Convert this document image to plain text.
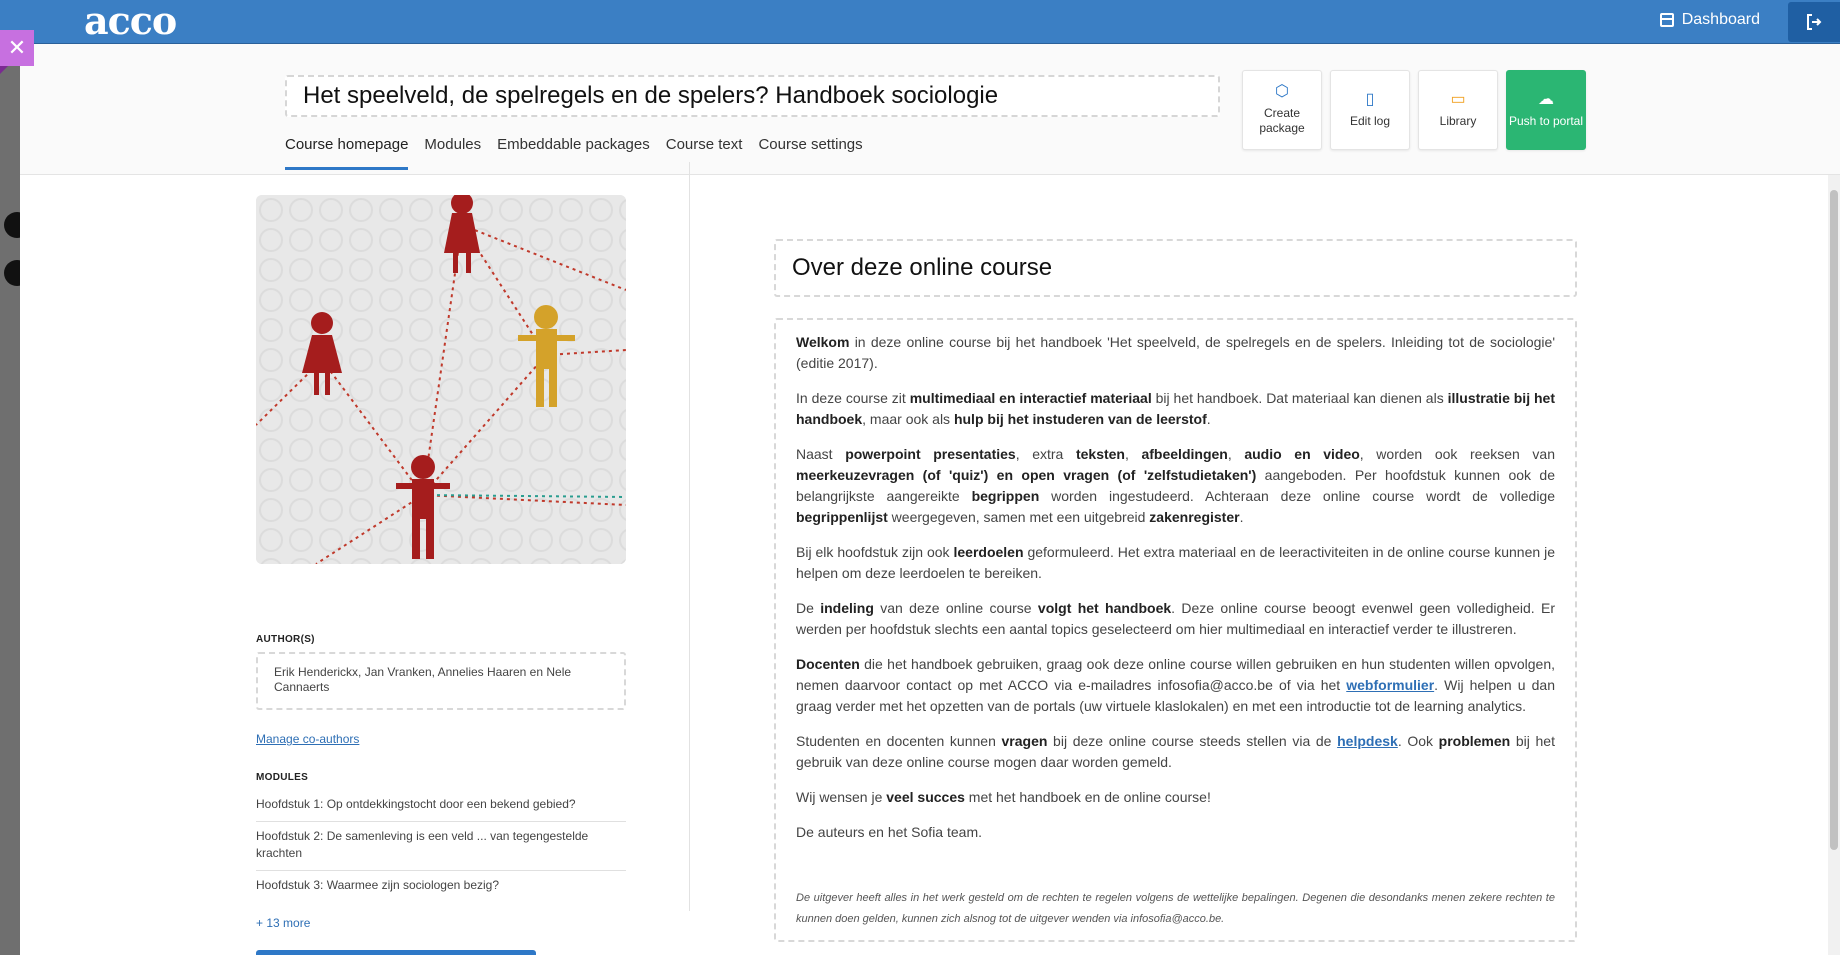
acco	Dashboard
✕
Het speelveld, de spelregels en de spelers? Handboek sociologie
Course homepage Modules Embeddable packages Course text Course settings
⬡
Create package
▯
Edit log
▭
Library
☁
Push to portal
AUTHOR(S)
Erik Henderickx, Jan Vranken, Annelies Haaren en Nele Cannaerts
Manage co-authors
MODULES
Hoofdstuk 1: Op ontdekkingstocht door een bekend gebied?
Hoofdstuk 2: De samenleving is een veld ... van tegengestelde krachten
Hoofdstuk 3: Waarmee zijn sociologen bezig?
+ 13 more
Over deze online course

Welkom in deze online course bij het handboek 'Het speelveld, de spelregels en de spelers. Inleiding tot de sociologie' (editie 2017).

In deze course zit multimediaal en interactief materiaal bij het handboek. Dat materiaal kan dienen als illustratie bij het handboek, maar ook als hulp bij het instuderen van de leerstof.

Naast powerpoint presentaties, extra teksten, afbeeldingen, audio en video, worden ook reeksen van meerkeuzevragen (of 'quiz') en open vragen (of 'zelfstudietaken') aangeboden. Per hoofdstuk kunnen ook de belangrijkste aangereikte begrippen worden ingestudeerd. Achteraan deze online course wordt de volledige begrippenlijst weergegeven, samen met een uitgebreid zakenregister.

Bij elk hoofdstuk zijn ook leerdoelen geformuleerd. Het extra materiaal en de leeractiviteiten in de online course kunnen je helpen om deze leerdoelen te bereiken.

De indeling van deze online course volgt het handboek. Deze online course beoogt evenwel geen volledigheid. Er werden per hoofdstuk slechts een aantal topics geselecteerd om hier multimediaal en interactief verder te illustreren.

Docenten die het handboek gebruiken, graag ook deze online course willen gebruiken en hun studenten willen opvolgen, nemen daarvoor contact op met ACCO via e-mailadres infosofia@acco.be of via het webformulier. Wij helpen u dan graag verder met het opzetten van de portals (uw virtuele klaslokalen) en met een introductie tot de learning analytics.

Studenten en docenten kunnen vragen bij deze online course steeds stellen via de helpdesk. Ook problemen bij het gebruik van deze online course mogen daar worden gemeld.

Wij wensen je veel succes met het handboek en de online course!

De auteurs en het Sofia team.

De uitgever heeft alles in het werk gesteld om de rechten te regelen volgens de wettelijke bepalingen. Degenen die desondanks menen zekere rechten te kunnen doen gelden, kunnen zich alsnog tot de uitgever wenden via infosofia@acco.be.
